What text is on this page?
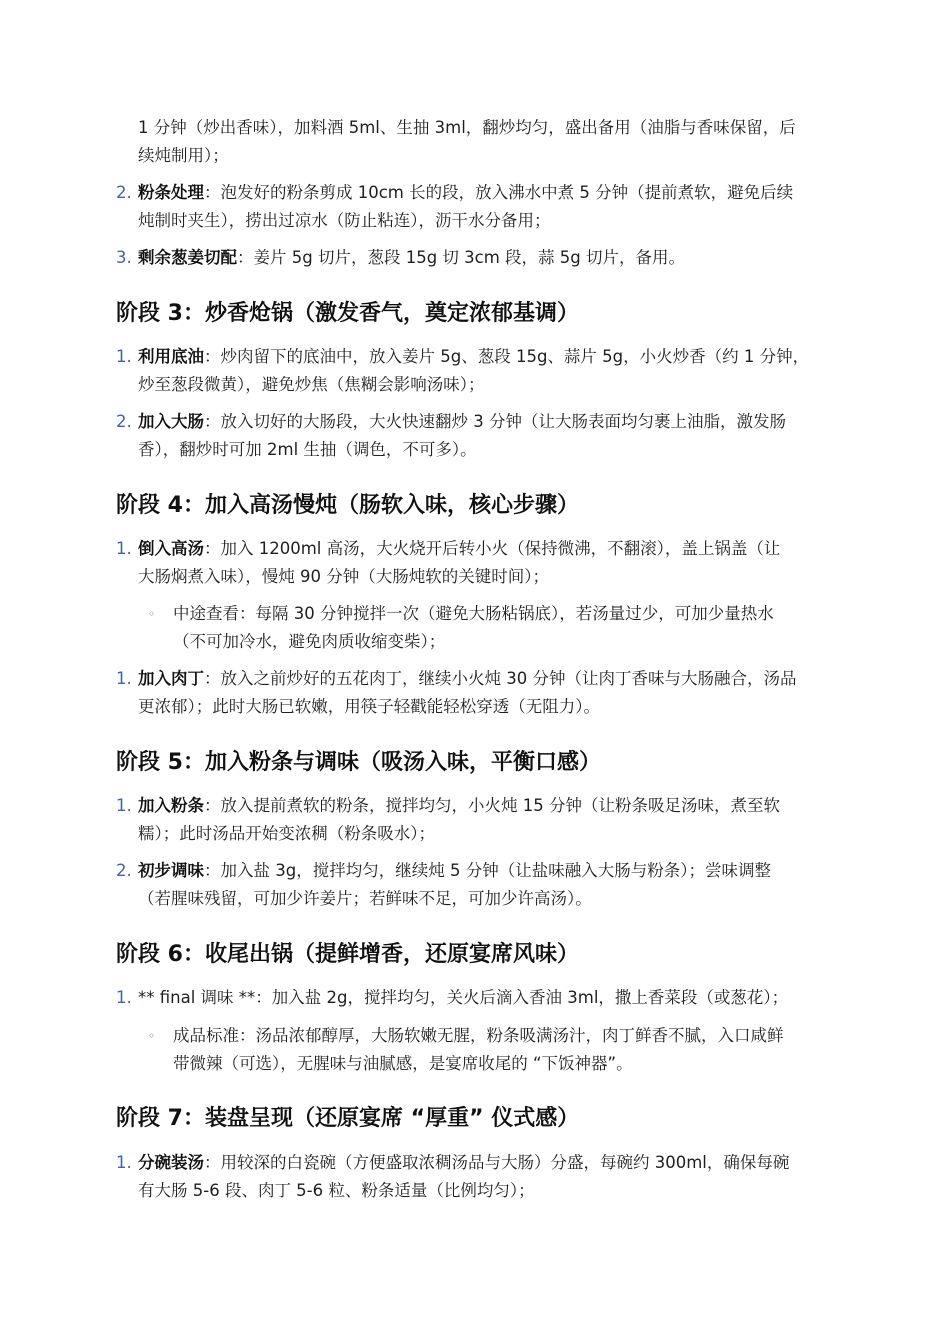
1 分钟（炒出香味），加料酒 5ml、生抽 3ml，翻炒均匀，盛出备用（油脂与香味保留，后
续炖制用）；
2. 粉条处理：泡发好的粉条剪成 10cm 长的段，放入沸水中煮 5 分钟（提前煮软，避免后续
炖制时夹生），捞出过凉水（防止粘连），沥干水分备用；
3. 剩余葱姜切配：姜片 5g 切片，葱段 15g 切 3cm 段，蒜 5g 切片，备用。
阶段 3：炒香炝锅（激发香气，奠定浓郁基调）
1. 利用底油：炒肉留下的底油中，放入姜片 5g、葱段 15g、蒜片 5g，小火炒香（约 1 分钟，
炒至葱段微黄），避免炒焦（焦糊会影响汤味）；
2. 加入大肠：放入切好的大肠段，大火快速翻炒 3 分钟（让大肠表面均匀裹上油脂，激发肠
香），翻炒时可加 2ml 生抽（调色，不可多）。
阶段 4：加入高汤慢炖（肠软入味，核心步骤）
1. 倒入高汤：加入 1200ml 高汤，大火烧开后转小火（保持微沸，不翻滚），盖上锅盖（让
大肠焖煮入味），慢炖 90 分钟（大肠炖软的关键时间）；
◦ 中途查看：每隔 30 分钟搅拌一次（避免大肠粘锅底），若汤量过少，可加少量热水
（不可加冷水，避免肉质收缩变柴）；
1. 加入肉丁：放入之前炒好的五花肉丁，继续小火炖 30 分钟（让肉丁香味与大肠融合，汤品
更浓郁）；此时大肠已软嫩，用筷子轻戳能轻松穿透（无阻力）。
阶段 5：加入粉条与调味（吸汤入味，平衡口感）
1. 加入粉条：放入提前煮软的粉条，搅拌均匀，小火炖 15 分钟（让粉条吸足汤味，煮至软
糯）；此时汤品开始变浓稠（粉条吸水）；
2. 初步调味：加入盐 3g，搅拌均匀，继续炖 5 分钟（让盐味融入大肠与粉条）；尝味调整
（若腥味残留，可加少许姜片；若鲜味不足，可加少许高汤）。
阶段 6：收尾出锅（提鲜增香，还原宴席风味）
1. ** final 调味 **：加入盐 2g，搅拌均匀，关火后滴入香油 3ml，撒上香菜段（或葱花）；
◦ 成品标准：汤品浓郁醇厚，大肠软嫩无腥，粉条吸满汤汁，肉丁鲜香不腻，入口咸鲜
带微辣（可选），无腥味与油腻感，是宴席收尾的 “下饭神器”。
阶段 7：装盘呈现（还原宴席 “厚重” 仪式感）
1. 分碗装汤：用较深的白瓷碗（方便盛取浓稠汤品与大肠）分盛，每碗约 300ml，确保每碗
有大肠 5-6 段、肉丁 5-6 粒、粉条适量（比例均匀）；
